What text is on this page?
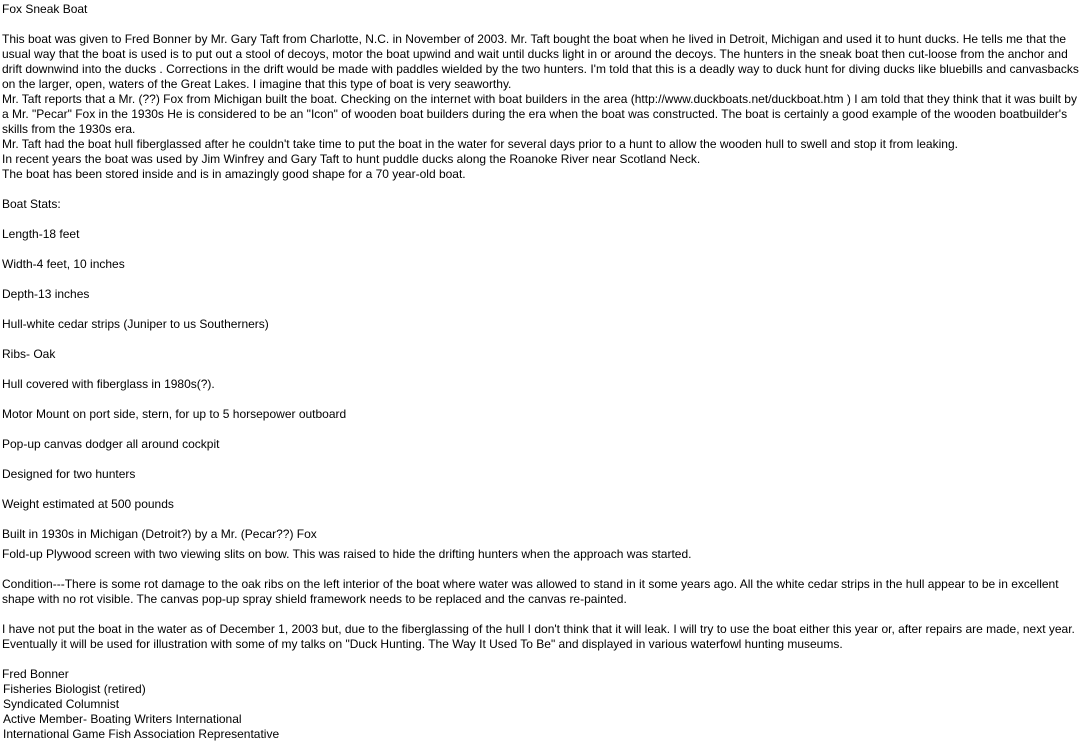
Fox Sneak Boat
This boat was given to Fred Bonner by Mr. Gary Taft from Charlotte, N.C. in November of 2003. Mr. Taft bought the boat when he lived in Detroit, Michigan and used it to hunt ducks. He tells me that the usual way that the boat is used is to put out a stool of decoys, motor the boat upwind and wait until ducks light in or around the decoys. The hunters in the sneak boat then cut-loose from the anchor and drift downwind into the ducks . Corrections in the drift would be made with paddles wielded by the two hunters. I'm told that this is a deadly way to duck hunt for diving ducks like bluebills and canvasbacks on the larger, open, waters of the Great Lakes. I imagine that this type of boat is very seaworthy.
Mr. Taft reports that a Mr. (??) Fox from Michigan built the boat. Checking on the internet with boat builders in the area (http://www.duckboats.net/duckboat.htm ) I am told that they think that it was built by a Mr. "Pecar" Fox in the 1930s He is considered to be an "Icon" of wooden boat builders during the era when the boat was constructed. The boat is certainly a good example of the wooden boatbuilder's skills from the 1930s era.
Mr. Taft had the boat hull fiberglassed after he couldn't take time to put the boat in the water for several days prior to a hunt to allow the wooden hull to swell and stop it from leaking.
In recent years the boat was used by Jim Winfrey and Gary Taft to hunt puddle ducks along the Roanoke River near Scotland Neck.
The boat has been stored inside and is in amazingly good shape for a 70 year-old boat.
Boat Stats:
Length-18 feet
Width-4 feet, 10 inches
Depth-13 inches
Hull-white cedar strips (Juniper to us Southerners)
Ribs- Oak
Hull covered with fiberglass in 1980s(?).
Motor Mount on port side, stern, for up to 5 horsepower outboard
Pop-up canvas dodger all around cockpit
Designed for two hunters
Weight estimated at 500 pounds
Built in 1930s in Michigan (Detroit?) by a Mr. (Pecar??) Fox
Fold-up Plywood screen with two viewing slits on bow. This was raised to hide the drifting hunters when the approach was started.
Condition---There is some rot damage to the oak ribs on the left interior of the boat where water was allowed to stand in it some years ago. All the white cedar strips in the hull appear to be in excellent shape with no rot visible. The canvas pop-up spray shield framework needs to be replaced and the canvas re-painted.
I have not put the boat in the water as of December 1, 2003 but, due to the fiberglassing of the hull I don't think that it will leak. I will try to use the boat either this year or, after repairs are made, next year. Eventually it will be used for illustration with some of my talks on "Duck Hunting. The Way It Used To Be" and displayed in various waterfowl hunting museums.
Fred Bonner
Fisheries Biologist (retired)
Syndicated Columnist
Active Member- Boating Writers International
International Game Fish Association Representative
